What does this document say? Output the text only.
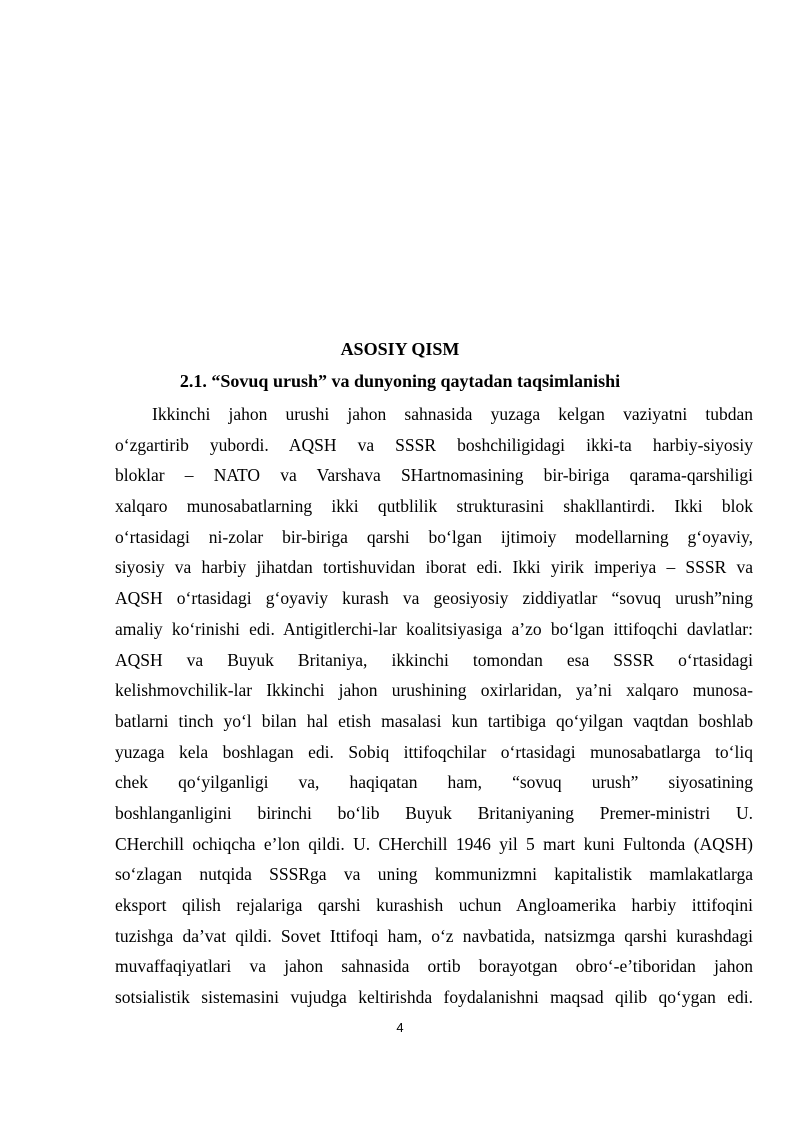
ASOSIY QISM
2.1. “Sovuq urush” va dunyoning qaytadan taqsimlanishi
Ikkinchi jahon urushi jahon sahnasida yuzaga kelgan vaziyatni tubdan
o‘zgartirib yubordi. AQSH va SSSR boshchiligidagi ikki-ta harbiy-siyosiy
bloklar – NATO va Varshava SHartnomasining bir-biriga qarama-qarshiligi
xalqaro munosabatlarning ikki qutblilik strukturasini shakllantirdi. Ikki blok
o‘rtasidagi ni-zolar bir-biriga qarshi bo‘lgan ijtimoiy modellarning g‘oyaviy,
siyosiy va harbiy jihatdan tortishuvidan iborat edi. Ikki yirik imperiya – SSSR va
AQSH o‘rtasidagi g‘oyaviy kurash va geosiyosiy ziddiyatlar “sovuq urush”ning
amaliy ko‘rinishi edi. Antigitlerchi-lar koalitsiyasiga a’zo bo‘lgan ittifoqchi davlatlar:
AQSH va Buyuk Britaniya, ikkinchi tomondan esa SSSR o‘rtasidagi
kelishmovchilik-lar Ikkinchi jahon urushining oxirlaridan, ya’ni xalqaro munosa-
batlarni tinch yo‘l bilan hal etish masalasi kun tartibiga qo‘yilgan vaqtdan boshlab
yuzaga kela boshlagan edi. Sobiq ittifoqchilar o‘rtasidagi munosabatlarga to‘liq
chek qo‘yilganligi va, haqiqatan ham, “sovuq urush” siyosatining
boshlanganligini birinchi bo‘lib Buyuk Britaniyaning Premer-ministri U.
CHerchill ochiqcha e’lon qildi. U. CHerchill 1946 yil 5 mart kuni Fultonda (AQSH)
so‘zlagan nutqida SSSRga va uning kommunizmni kapitalistik mamlakatlarga
eksport qilish rejalariga qarshi kurashish uchun Angloamerika harbiy ittifoqini
tuzishga da’vat qildi. Sovet Ittifoqi ham, o‘z navbatida, natsizmga qarshi kurashdagi
muvaffaqiyatlari va jahon sahnasida ortib borayotgan obro‘-e’tiboridan jahon
sotsialistik sistemasini vujudga keltirishda foydalanishni maqsad qilib qo‘ygan edi.
4
